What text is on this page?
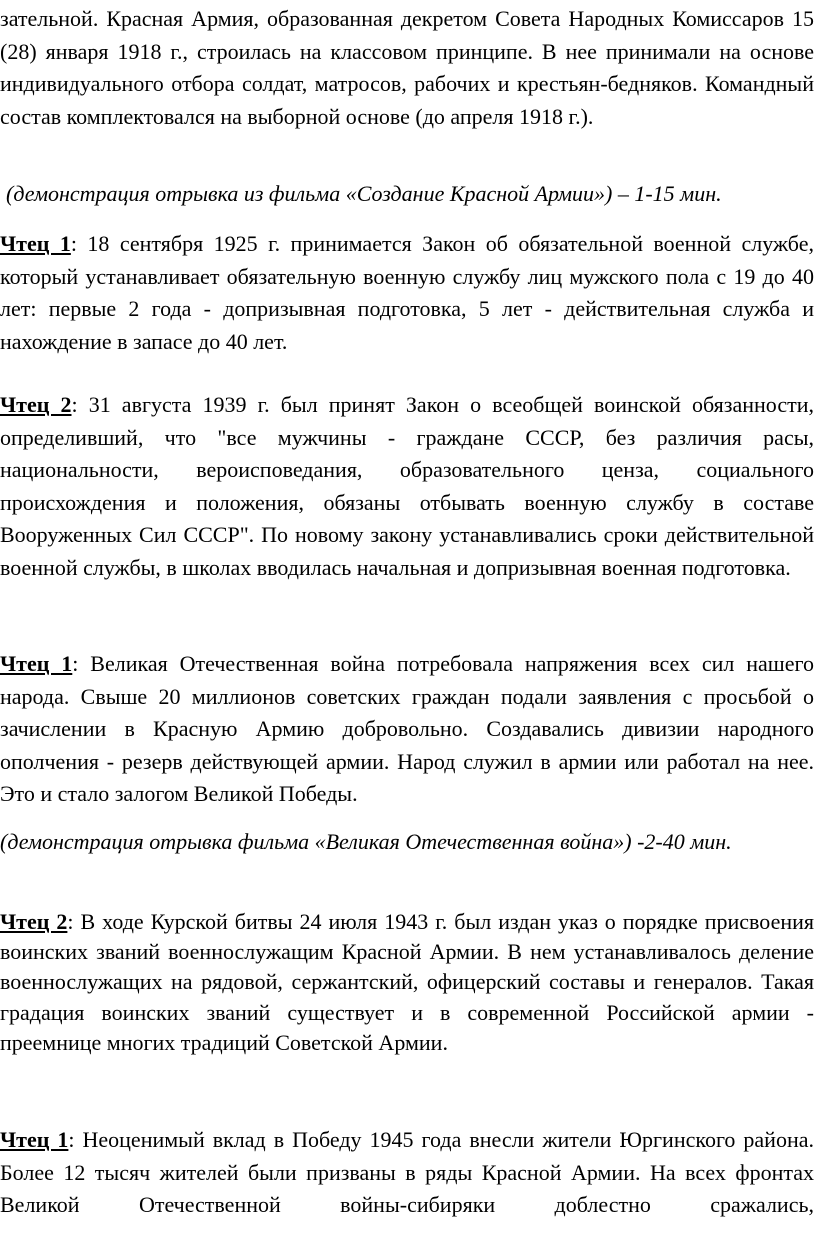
зательной. Красная Армия, образованная декретом Совета Народных Комиссаров 15 (28) января 1918 г., строилась на классовом принципе. В нее принимали на основе индивидуального отбора солдат, матросов, рабочих и крестьян-бедняков. Командный состав комплектовался на выборной основе (до апреля 1918 г.).

(демонстрация отрывка из фильма «Создание Красной Армии») – 1-15 мин.

Чтец 1: 18 сентября 1925 г. принимается Закон об обязательной военной службе, который устанавливает обязательную военную службу лиц мужского пола с 19 до 40 лет: первые 2 года - допризывная подготовка, 5 лет - действительная служба и нахождение в запасе до 40 лет.

Чтец 2: 31 августа 1939 г. был принят Закон о всеобщей воинской обязанности, определивший, что "все мужчины - граждане СССР, без различия расы, национальности, вероисповедания, образовательного ценза, социального происхождения и положения, обязаны отбывать военную службу в составе Вооруженных Сил СССР". По новому закону устанавливались сроки действительной военной службы, в школах вводилась начальная и допризывная военная подготовка.

Чтец 1: Великая Отечественная война потребовала напряжения всех сил нашего народа. Свыше 20 миллионов советских граждан подали заявления с просьбой о зачислении в Красную Армию добровольно. Создавались дивизии народного ополчения - резерв действующей армии. Народ служил в армии или работал на нее. Это и стало залогом Великой Победы.

(демонстрация отрывка фильма «Великая Отечественная война») -2-40 мин.

Чтец 2: В ходе Курской битвы 24 июля 1943 г. был издан указ о порядке присвоения воинских званий военнослужащим Красной Армии. В нем устанавливалось деление военнослужащих на рядовой, сержантский, офицерский составы и генералов. Такая градация воинских званий существует и в современной Российской армии - преемнице многих традиций Советской Армии.

Чтец 1: Неоценимый вклад в Победу 1945 года внесли жители Юргинского района. Более 12 тысяч жителей были призваны в ряды Красной Армии. На всех фронтах Великой Отечественной войны-сибиряки доблестно сражались,
